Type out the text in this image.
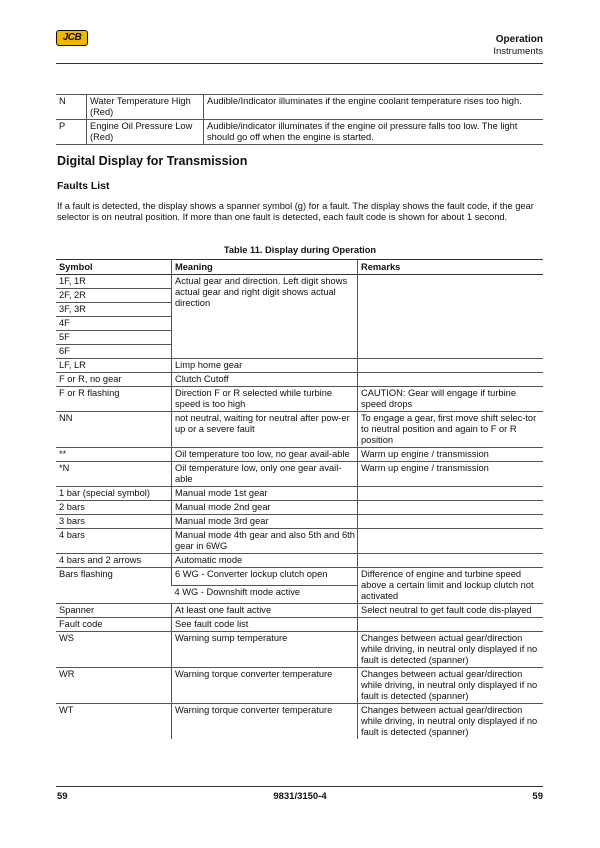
JCB	Operation
Instruments
N	Water Temperature High (Red)	Audible/Indicator illuminates if the engine coolant temperature rises too high.
P	Engine Oil Pressure Low (Red)	Audible/indicator illuminates if the engine oil pressure falls too low. The light should go off when the engine is started.
Digital Display for Transmission
Faults List
If a fault is detected, the display shows a spanner symbol (g) for a fault. The display shows the fault code, if the gear selector is on neutral position. If more than one fault is detected, each fault code is shown for about 1 second.
Table 11. Display during Operation
Symbol	Meaning	Remarks
1F, 1R	Actual gear and direction. Left digit shows actual gear and right digit shows actual direction	
2F, 2R		
3F, 3R		
4F		
5F		
6F		
LF, LR	Limp home gear	
F or R, no gear	Clutch Cutoff	
F or R flashing	Direction F or R selected while turbine speed is too high	CAUTION: Gear will engage if turbine speed drops
NN	not neutral, waiting for neutral after pow-er up or a severe fault	To engage a gear, first move shift selec-tor to neutral position and again to F or R position
**	Oil temperature too low, no gear avail-able	Warm up engine / transmission
*N	Oil temperature low, only one gear avail-able	Warm up engine / transmission
1 bar (special symbol)	Manual mode 1st gear	
2 bars	Manual mode 2nd gear	
3 bars	Manual mode 3rd gear	
4 bars	Manual mode 4th gear and also 5th and 6th gear in 6WG	
4 bars and 2 arrows	Automatic mode	
Bars flashing	6 WG - Converter lockup clutch open	Difference of engine and turbine speed above a certain limit and lockup clutch not activated
	4 WG - Downshift mode active	
Spanner	At least one fault active	Select neutral to get fault code dis-played
Fault code	See fault code list	
WS	Warning sump temperature	Changes between actual gear/direction while driving, in neutral only displayed if no fault is detected (spanner)
WR	Warning torque converter temperature	Changes between actual gear/direction while driving, in neutral only displayed if no fault is detected (spanner)
WT	Warning torque converter temperature	Changes between actual gear/direction while driving, in neutral only displayed if no fault is detected (spanner)
59	9831/3150-4	59
